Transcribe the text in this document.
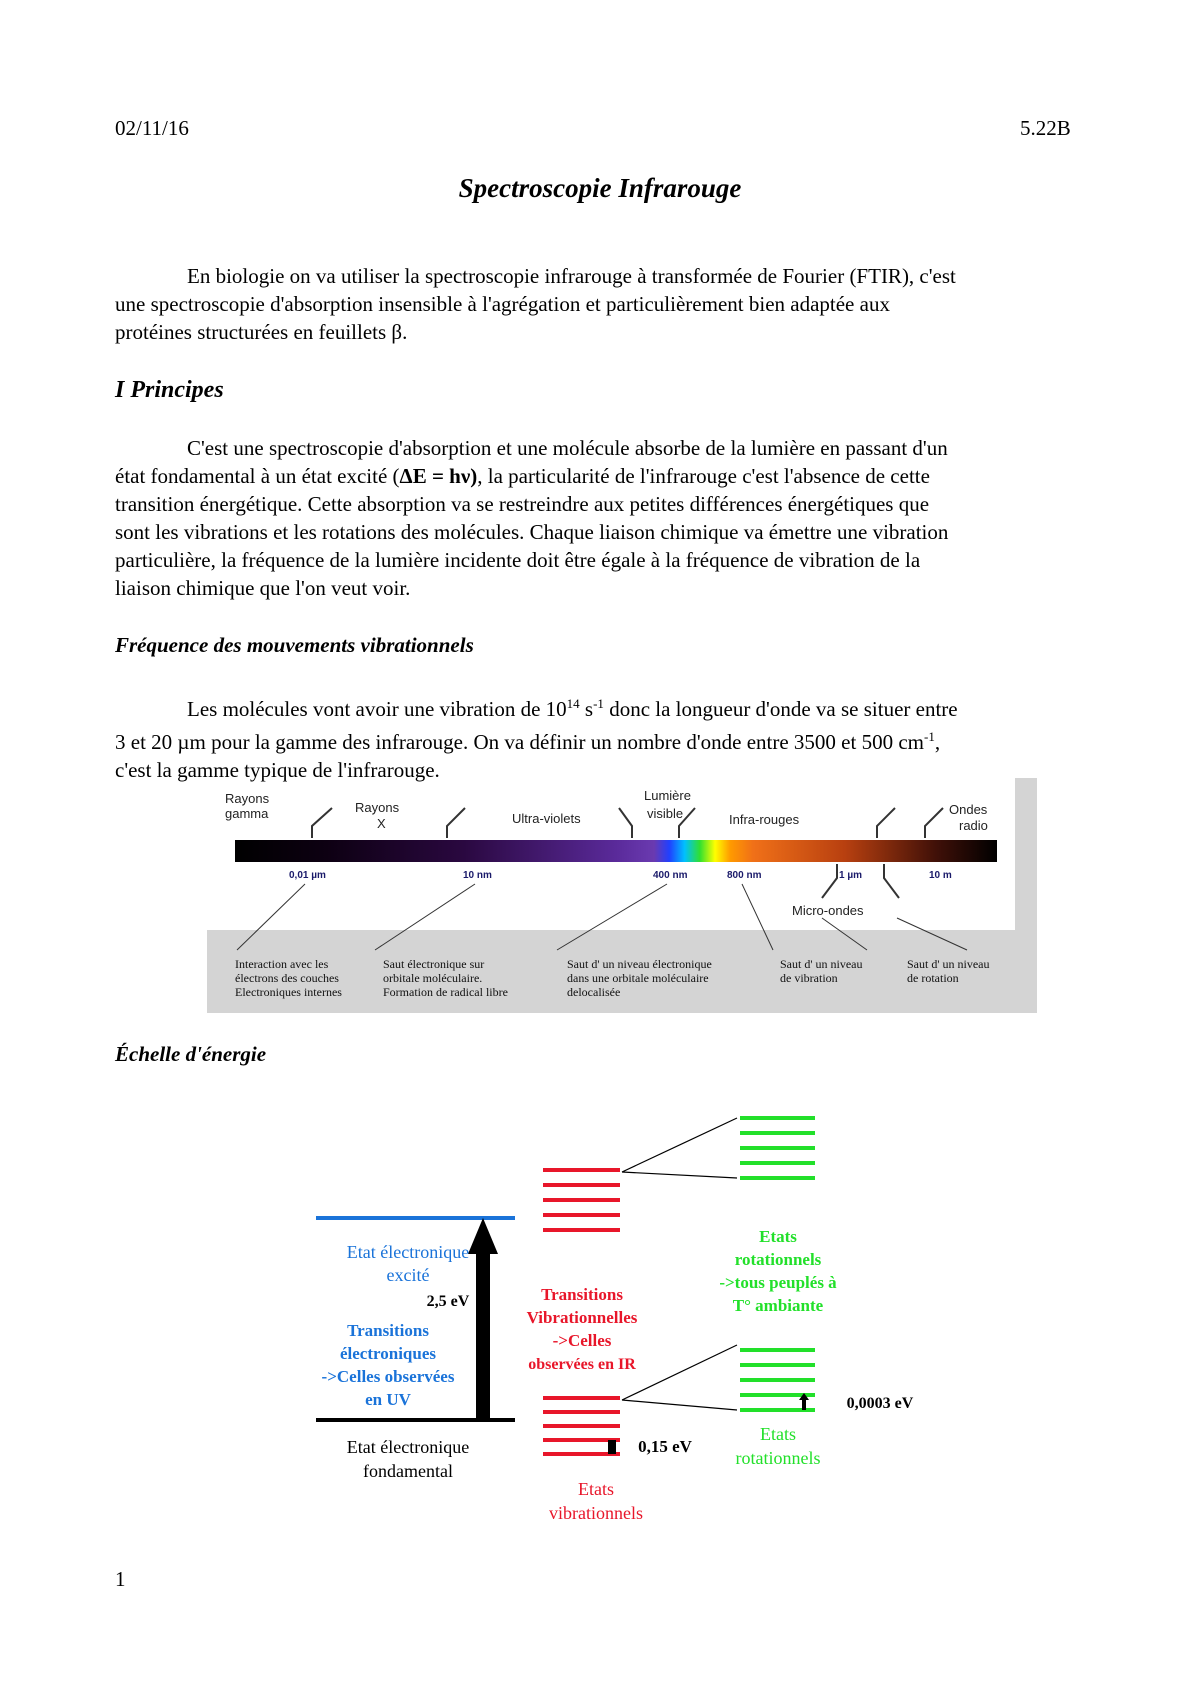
02/11/16	5.22B
Spectroscopie Infrarouge

En biologie on va utiliser la spectroscopie infrarouge à transformée de Fourier (FTIR), c'est

une spectroscopie d'absorption insensible à l'agrégation et particulièrement bien adaptée aux

protéines structurées en feuillets β.

I Principes

C'est une spectroscopie d'absorption et une molécule absorbe de la lumière en passant d'un

état fondamental à un état excité (ΔE = hν), la particularité de l'infrarouge c'est l'absence de cette

transition énergétique. Cette absorption va se restreindre aux petites différences énergétiques que

sont les vibrations et les rotations des molécules. Chaque liaison chimique va émettre une vibration

particulière, la fréquence de la lumière incidente doit être égale à la fréquence de vibration de la

liaison chimique que l'on veut voir.

Fréquence des mouvements vibrationnels

Les molécules vont avoir une vibration de $10^{14}$ $s^{-1}$ donc la longueur d'onde va se situer entre

3 et 20 µm pour la gamme des infrarouge. On va définir un nombre d'onde entre 3500 et 500 $cm^{-1}$,

c'est la gamme typique de l'infrarouge.

Rayons
gamma	Rayons
X	Ultra-violets
Lumière
visible	Infra-rouges
Ondes
radio
Micro-ondes
0,01 µm	10 nm	400 nm	800 nm	1 µm	10 m
Interaction avec les
électrons des couches
Electroniques internes
Saut électronique sur
orbitale moléculaire.
Formation de radical libre
Saut d' un niveau électronique
dans une orbitale moléculaire
delocalisée
Saut d' un niveau
de vibration
Saut d' un niveau
de rotation
Échelle d'énergie
Etat électronique
excité
2,5 eV
Transitions
électroniques
->Celles observées
en UV
Etat électronique
fondamental
Transitions
Vibrationnelles
->Celles
observées en IR
0,15 eV
Etats
vibrationnels
Etats
rotationnels
->tous peuplés à
T° ambiante
0,0003 eV
Etats
rotationnels
1
